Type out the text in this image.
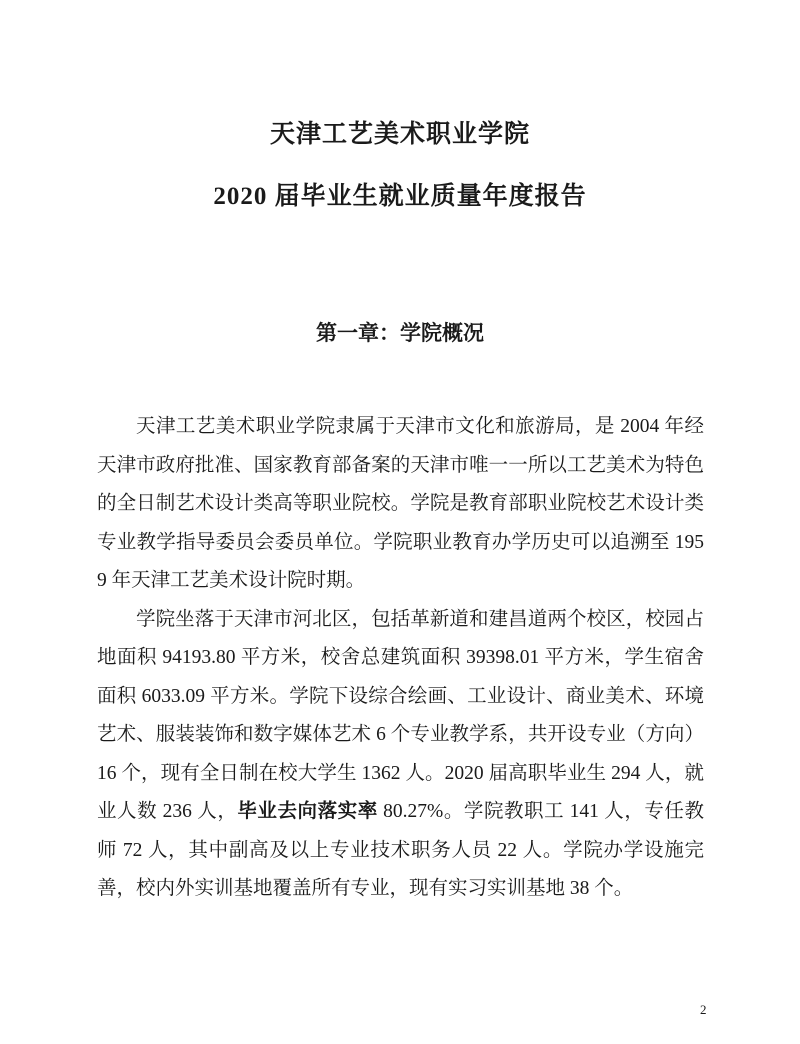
天津工艺美术职业学院
2020 届毕业生就业质量年度报告
第一章：学院概况

天津工艺美术职业学院隶属于天津市文化和旅游局，是 2004 年经天津市政府批准、国家教育部备案的天津市唯一一所以工艺美术为特色的全日制艺术设计类高等职业院校。学院是教育部职业院校艺术设计类专业教学指导委员会委员单位。学院职业教育办学历史可以追溯至 1959 年天津工艺美术设计院时期。

学院坐落于天津市河北区，包括革新道和建昌道两个校区，校园占地面积 94193.80 平方米，校舍总建筑面积 39398.01 平方米，学生宿舍面积 6033.09 平方米。学院下设综合绘画、工业设计、商业美术、环境艺术、服装装饰和数字媒体艺术 6 个专业教学系，共开设专业（方向）16 个，现有全日制在校大学生 1362 人。2020 届高职毕业生 294 人，就业人数 236 人，毕业去向落实率 80.27%。学院教职工 141 人，专任教师 72 人，其中副高及以上专业技术职务人员 22 人。学院办学设施完善，校内外实训基地覆盖所有专业，现有实习实训基地 38 个。

2
